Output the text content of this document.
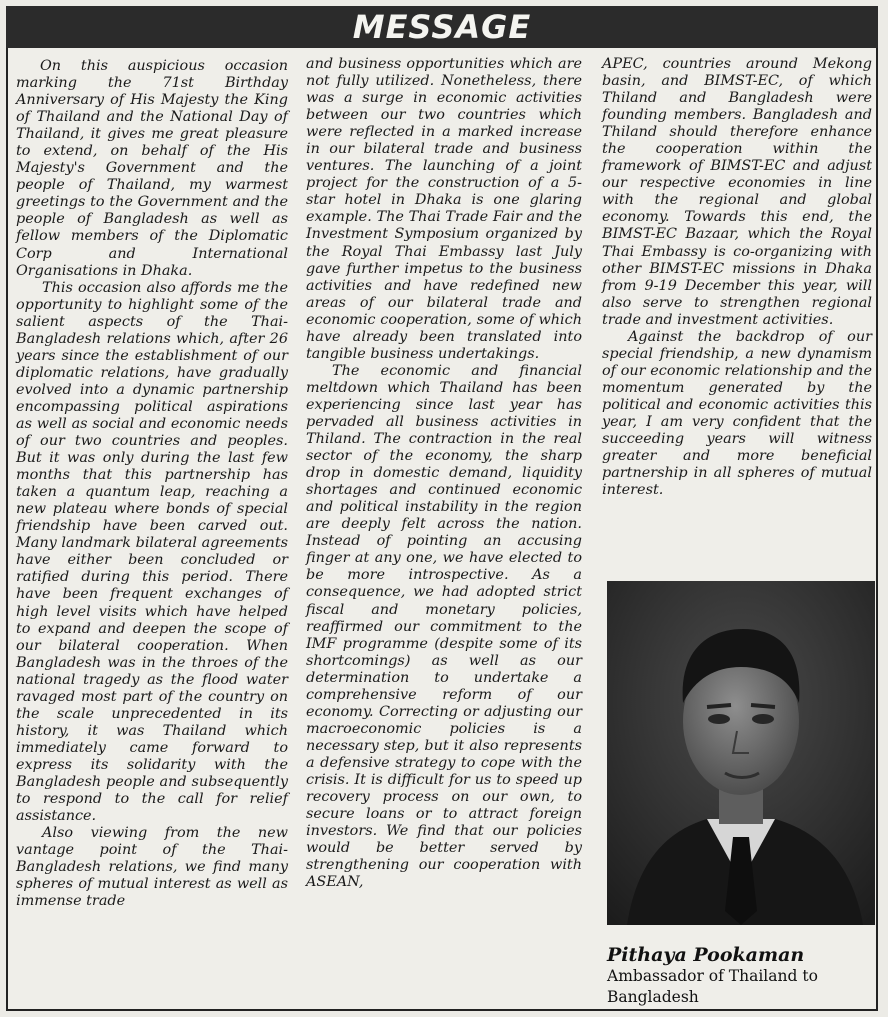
MESSAGE

On this auspicious occasion marking the 71st Birthday Anniversary of His Majesty the King of Thailand and the National Day of Thailand, it gives me great pleasure to extend, on behalf of the His Majesty's Government and the people of Thailand, my warmest greetings to the Government and the people of Bangladesh as well as fellow members of the Diplomatic Corp and International Organisations in Dhaka.

This occasion also affords me the opportunity to highlight some of the salient aspects of the Thai-Bangladesh relations which, after 26 years since the establishment of our diplomatic relations, have gradually evolved into a dynamic partnership encompassing political aspirations as well as social and economic needs of our two countries and peoples. But it was only during the last few months that this partnership has taken a quantum leap, reaching a new plateau where bonds of special friendship have been carved out. Many landmark bilateral agreements have either been concluded or ratified during this period. There have been frequent exchanges of high level visits which have helped to expand and deepen the scope of our bilateral cooperation. When Bangladesh was in the throes of the national tragedy as the flood water ravaged most part of the country on the scale unprecedented in its history, it was Thailand which immediately came forward to express its solidarity with the Bangladesh people and subsequently to respond to the call for relief assistance.

Also viewing from the new vantage point of the Thai-Bangladesh relations, we find many spheres of mutual interest as well as immense trade

and business opportunities which are not fully utilized. Nonetheless, there was a surge in economic activities between our two countries which were reflected in a marked increase in our bilateral trade and business ventures. The launching of a joint project for the construction of a 5-star hotel in Dhaka is one glaring example. The Thai Trade Fair and the Investment Symposium organized by the Royal Thai Embassy last July gave further impetus to the business activities and have redefined new areas of our bilateral trade and economic cooperation, some of which have already been translated into tangible business undertakings.

The economic and financial meltdown which Thailand has been experiencing since last year has pervaded all business activities in Thiland. The contraction in the real sector of the economy, the sharp drop in domestic demand, liquidity shortages and continued economic and political instability in the region are deeply felt across the nation. Instead of pointing an accusing finger at any one, we have elected to be more introspective. As a consequence, we had adopted strict fiscal and monetary policies, reaffirmed our commitment to the IMF programme (despite some of its shortcomings) as well as our determination to undertake a comprehensive reform of our economy. Correcting or adjusting our macroeconomic policies is a necessary step, but it also represents a defensive strategy to cope with the crisis. It is difficult for us to speed up recovery process on our own, to secure loans or to attract foreign investors. We find that our policies would be better served by strengthening our cooperation with ASEAN,

APEC, countries around Mekong basin, and BIMST-EC, of which Thiland and Bangladesh were founding members. Bangladesh and Thiland should therefore enhance the cooperation within the framework of BIMST-EC and adjust our respective economies in line with the regional and global economy. Towards this end, the BIMST-EC Bazaar, which the Royal Thai Embassy is co-organizing with other BIMST-EC missions in Dhaka from 9-19 December this year, will also serve to strengthen regional trade and investment activities.

Against the backdrop of our special friendship, a new dynamism of our economic relationship and the momentum generated by the political and economic activities this year, I am very confident that the succeeding years will witness greater and more beneficial partnership in all spheres of mutual interest.

Pithaya Pookaman
Ambassador of Thailand to Bangladesh
